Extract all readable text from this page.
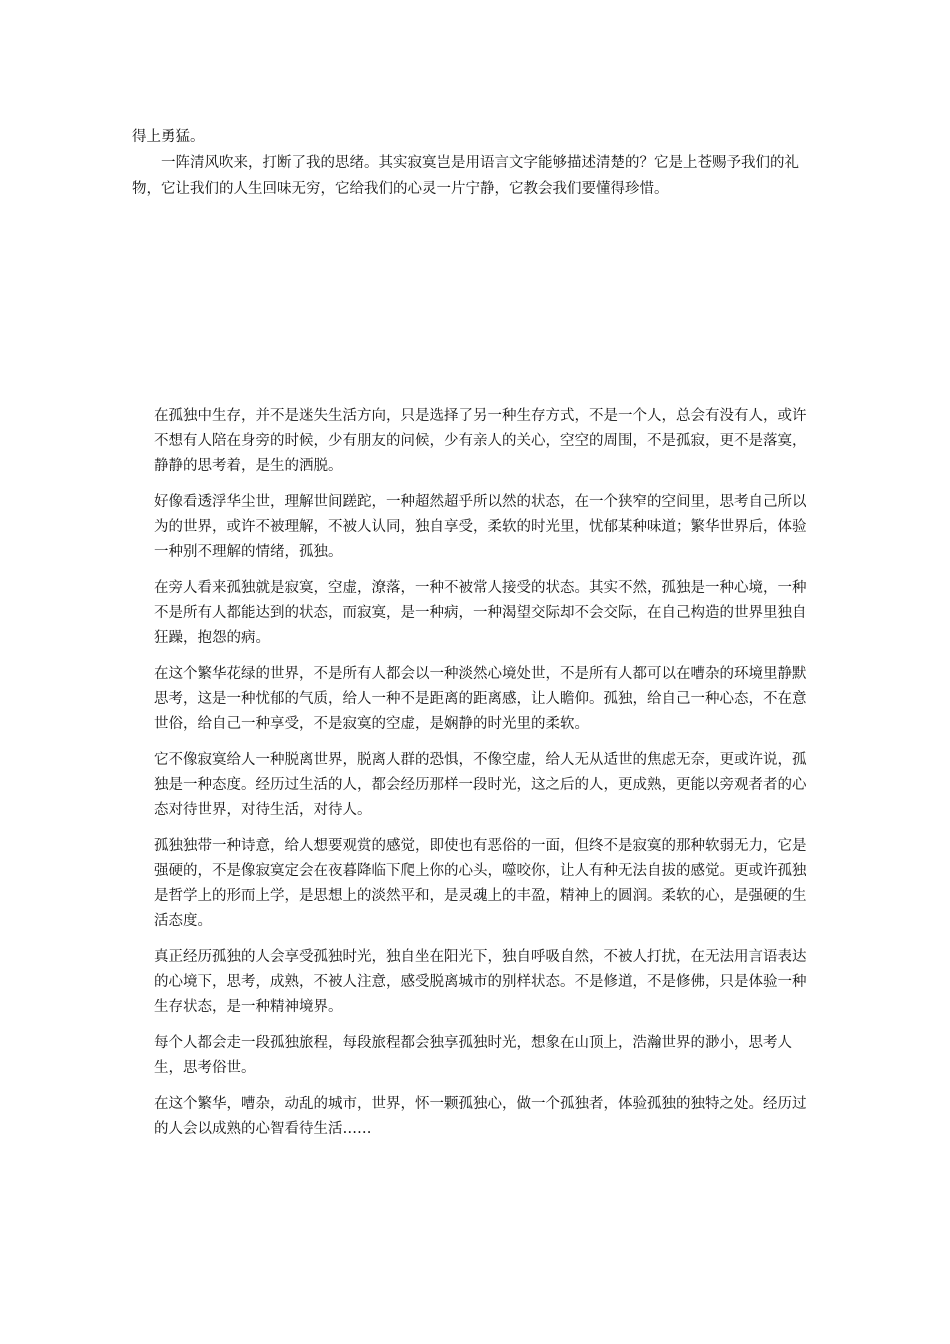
得上勇猛。

一阵清风吹来，打断了我的思绪。其实寂寞岂是用语言文字能够描述清楚的？它是上苍赐予我们的礼物，它让我们的人生回味无穷，它给我们的心灵一片宁静，它教会我们要懂得珍惜。

在孤独中生存，并不是迷失生活方向，只是选择了另一种生存方式，不是一个人，总会有没有人，或许不想有人陪在身旁的时候，少有朋友的问候，少有亲人的关心，空空的周围，不是孤寂，更不是落寞，静静的思考着，是生的洒脱。

好像看透浮华尘世，理解世间蹉跎，一种超然超乎所以然的状态，在一个狭窄的空间里，思考自己所以为的世界，或许不被理解，不被人认同，独自享受，柔软的时光里，忧郁某种味道；繁华世界后，体验一种别不理解的情绪，孤独。

在旁人看来孤独就是寂寞，空虚，潦落，一种不被常人接受的状态。其实不然，孤独是一种心境，一种不是所有人都能达到的状态，而寂寞，是一种病，一种渴望交际却不会交际，在自己构造的世界里独自狂躁，抱怨的病。

在这个繁华花绿的世界，不是所有人都会以一种淡然心境处世，不是所有人都可以在嘈杂的环境里静默思考，这是一种忧郁的气质，给人一种不是距离的距离感，让人瞻仰。孤独，给自己一种心态，不在意世俗，给自己一种享受，不是寂寞的空虚，是娴静的时光里的柔软。

它不像寂寞给人一种脱离世界，脱离人群的恐惧，不像空虚，给人无从适世的焦虑无奈，更或许说，孤独是一种态度。经历过生活的人，都会经历那样一段时光，这之后的人，更成熟，更能以旁观者者的心态对待世界，对待生活，对待人。

孤独独带一种诗意，给人想要观赏的感觉，即使也有恶俗的一面，但终不是寂寞的那种软弱无力，它是强硬的，不是像寂寞定会在夜暮降临下爬上你的心头，噬咬你，让人有种无法自拔的感觉。更或许孤独是哲学上的形而上学，是思想上的淡然平和，是灵魂上的丰盈，精神上的圆润。柔软的心，是强硬的生活态度。

真正经历孤独的人会享受孤独时光，独自坐在阳光下，独自呼吸自然，不被人打扰，在无法用言语表达的心境下，思考，成熟，不被人注意，感受脱离城市的别样状态。不是修道，不是修佛，只是体验一种生存状态，是一种精神境界。

每个人都会走一段孤独旅程，每段旅程都会独享孤独时光，想象在山顶上，浩瀚世界的渺小，思考人生，思考俗世。

在这个繁华，嘈杂，动乱的城市，世界，怀一颗孤独心，做一个孤独者，体验孤独的独特之处。经历过的人会以成熟的心智看待生活……
